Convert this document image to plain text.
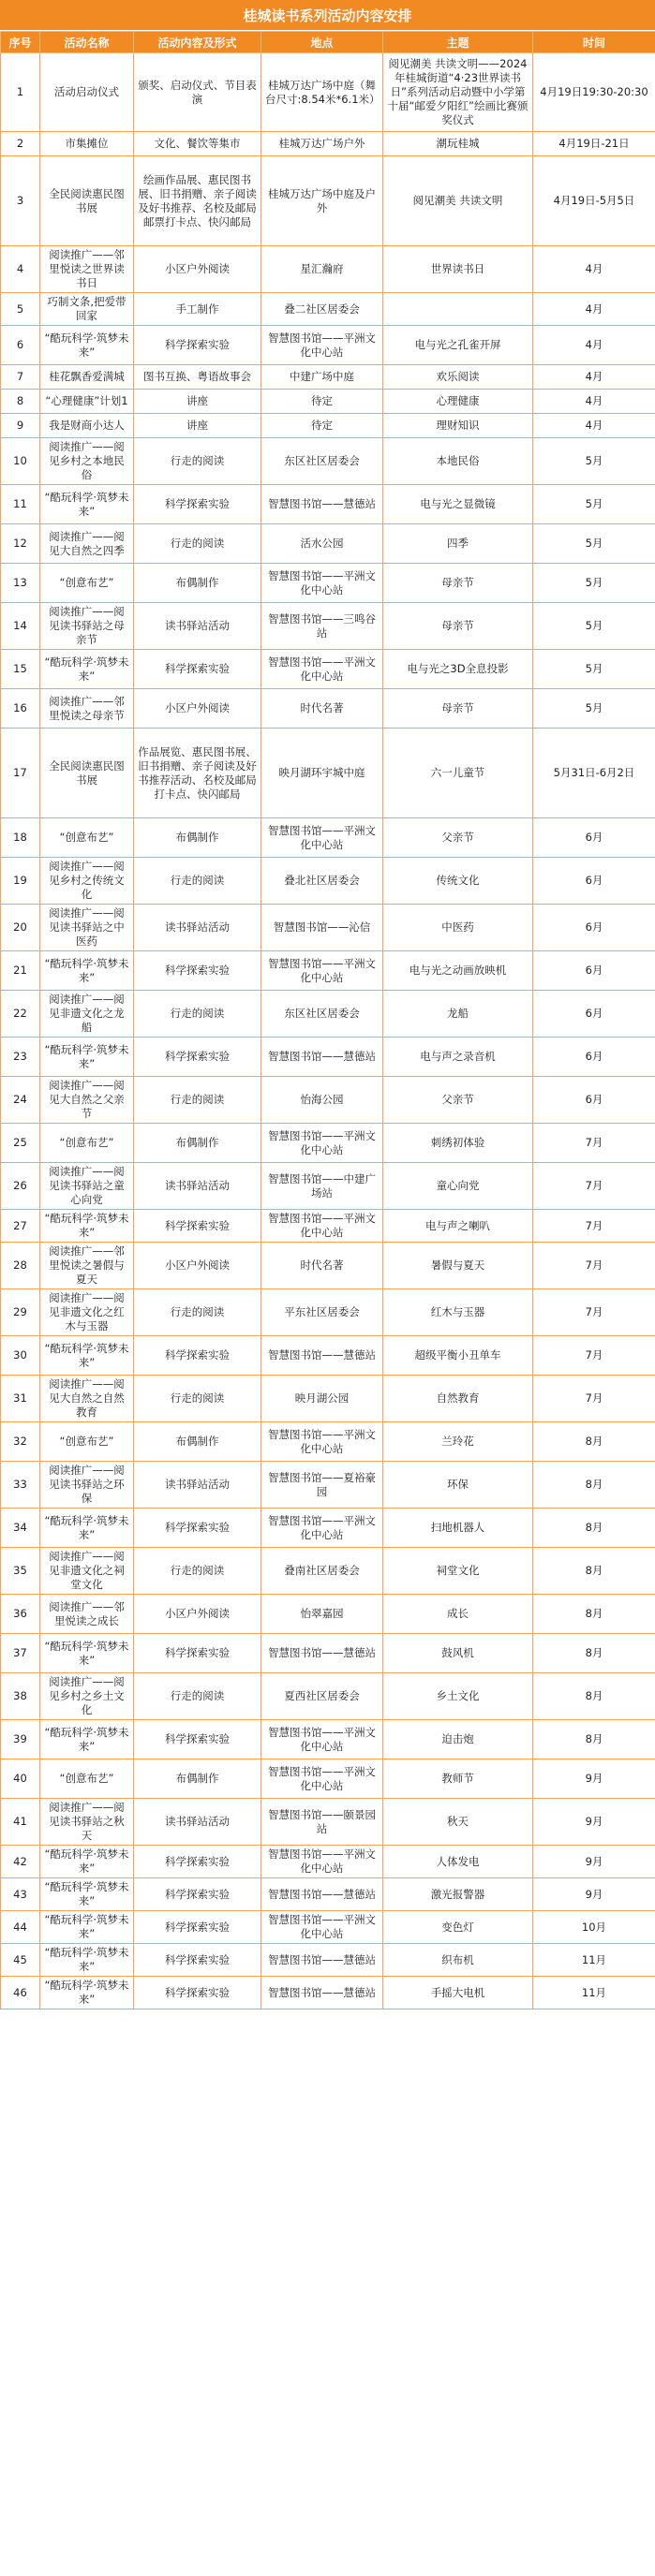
桂城读书系列活动内容安排
序号	活动名称	活动内容及形式	地点	主题	时间
1	活动启动仪式	颁奖、启动仪式、节目表演	桂城万达广场中庭（舞台尺寸:8.54米*6.1米）	阅见潮美 共读文明——2024年桂城街道“4·23世界读书日”系列活动启动暨中小学第十届“邮爱夕阳红”绘画比赛颁奖仪式	4月19日19:30-20:30
2	市集摊位	文化、餐饮等集市	桂城万达广场户外	潮玩桂城	4月19日-21日
3	全民阅读惠民图书展	绘画作品展、惠民图书展、旧书捐赠、亲子阅读及好书推荐、名校及邮局邮票打卡点、快闪邮局	桂城万达广场中庭及户外	阅见潮美 共读文明	4月19日-5月5日
4	阅读推广——邻里悦读之世界读书日	小区户外阅读	星汇瀚府	世界读书日	4月
5	巧制文条,把爱带回家	手工制作	叠二社区居委会		4月
6	“酷玩科学·筑梦未来”	科学探索实验	智慧图书馆——平洲文化中心站	电与光之孔雀开屏	4月
7	桂花飘香爱满城	图书互换、粤语故事会	中建广场中庭	欢乐阅读	4月
8	“心理健康”计划1	讲座	待定	心理健康	4月
9	我是财商小达人	讲座	待定	理财知识	4月
10	阅读推广——阅见乡村之本地民俗	行走的阅读	东区社区居委会	本地民俗	5月
11	“酷玩科学·筑梦未来”	科学探索实验	智慧图书馆——慧德站	电与光之显微镜	5月
12	阅读推广——阅见大自然之四季	行走的阅读	活水公园	四季	5月
13	“创意布艺”	布偶制作	智慧图书馆——平洲文化中心站	母亲节	5月
14	阅读推广——阅见读书驿站之母亲节	读书驿站活动	智慧图书馆——三鸣谷站	母亲节	5月
15	“酷玩科学·筑梦未来”	科学探索实验	智慧图书馆——平洲文化中心站	电与光之3D全息投影	5月
16	阅读推广——邻里悦读之母亲节	小区户外阅读	时代名著	母亲节	5月
17	全民阅读惠民图书展	作品展览、惠民图书展、旧书捐赠、亲子阅读及好书推荐活动、名校及邮局打卡点、快闪邮局	映月湖环宇城中庭	六一儿童节	5月31日-6月2日
18	“创意布艺”	布偶制作	智慧图书馆——平洲文化中心站	父亲节	6月
19	阅读推广——阅见乡村之传统文化	行走的阅读	叠北社区居委会	传统文化	6月
20	阅读推广——阅见读书驿站之中医药	读书驿站活动	智慧图书馆——沁信	中医药	6月
21	“酷玩科学·筑梦未来”	科学探索实验	智慧图书馆——平洲文化中心站	电与光之动画放映机	6月
22	阅读推广——阅见非遗文化之龙船	行走的阅读	东区社区居委会	龙船	6月
23	“酷玩科学·筑梦未来”	科学探索实验	智慧图书馆——慧德站	电与声之录音机	6月
24	阅读推广——阅见大自然之父亲节	行走的阅读	怡海公园	父亲节	6月
25	“创意布艺”	布偶制作	智慧图书馆——平洲文化中心站	刺绣初体验	7月
26	阅读推广——阅见读书驿站之童心向党	读书驿站活动	智慧图书馆——中建广场站	童心向党	7月
27	“酷玩科学·筑梦未来”	科学探索实验	智慧图书馆——平洲文化中心站	电与声之喇叭	7月
28	阅读推广——邻里悦读之暑假与夏天	小区户外阅读	时代名著	暑假与夏天	7月
29	阅读推广——阅见非遗文化之红木与玉器	行走的阅读	平东社区居委会	红木与玉器	7月
30	“酷玩科学·筑梦未来”	科学探索实验	智慧图书馆——慧德站	超级平衡小丑单车	7月
31	阅读推广——阅见大自然之自然教育	行走的阅读	映月湖公园	自然教育	7月
32	“创意布艺”	布偶制作	智慧图书馆——平洲文化中心站	兰玲花	8月
33	阅读推广——阅见读书驿站之环保	读书驿站活动	智慧图书馆——夏裕豪园	环保	8月
34	“酷玩科学·筑梦未来”	科学探索实验	智慧图书馆——平洲文化中心站	扫地机器人	8月
35	阅读推广——阅见非遗文化之祠堂文化	行走的阅读	叠南社区居委会	祠堂文化	8月
36	阅读推广——邻里悦读之成长	小区户外阅读	怡翠嘉园	成长	8月
37	“酷玩科学·筑梦未来”	科学探索实验	智慧图书馆——慧德站	鼓风机	8月
38	阅读推广——阅见乡村之乡土文化	行走的阅读	夏西社区居委会	乡土文化	8月
39	“酷玩科学·筑梦未来”	科学探索实验	智慧图书馆——平洲文化中心站	迫击炮	8月
40	“创意布艺”	布偶制作	智慧图书馆——平洲文化中心站	教师节	9月
41	阅读推广——阅见读书驿站之秋天	读书驿站活动	智慧图书馆——颐景园站	秋天	9月
42	“酷玩科学·筑梦未来”	科学探索实验	智慧图书馆——平洲文化中心站	人体发电	9月
43	“酷玩科学·筑梦未来”	科学探索实验	智慧图书馆——慧德站	激光报警器	9月
44	“酷玩科学·筑梦未来”	科学探索实验	智慧图书馆——平洲文化中心站	变色灯	10月
45	“酷玩科学·筑梦未来”	科学探索实验	智慧图书馆——慧德站	织布机	11月
46	“酷玩科学·筑梦未来”	科学探索实验	智慧图书馆——慧德站	手摇大电机	11月
